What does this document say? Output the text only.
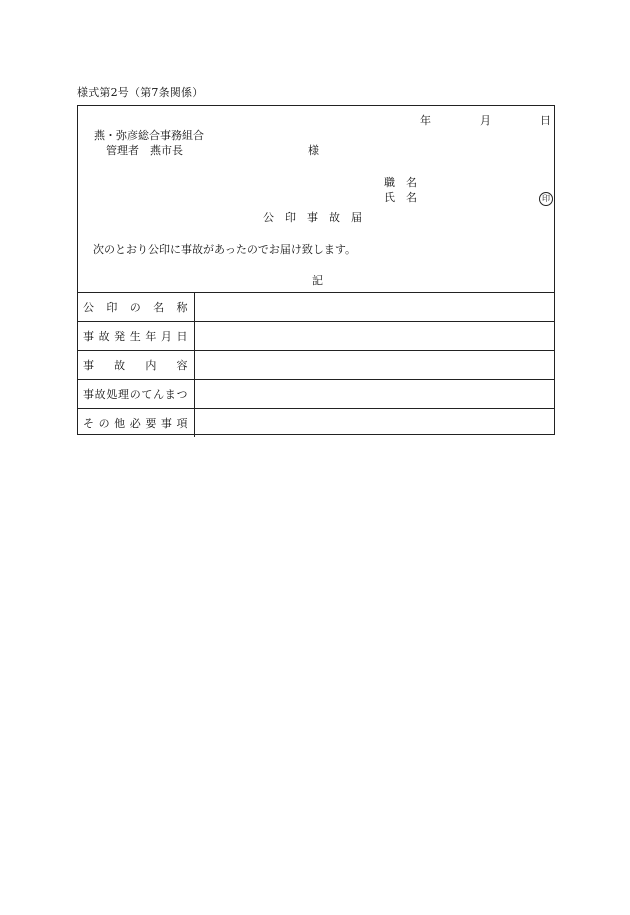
様式第2号（第7条関係）
年	月	日
燕・弥彦総合事務組合
管理者　燕市長	様
職　名
氏　名	印
公　印　事　故　届
次のとおり公印に事故があったのでお届け致します。
記
公 印 の 名 称	
事故発生年月日	
事 故 内 容	
事故処理のてんまつ	
その他必要事項	
